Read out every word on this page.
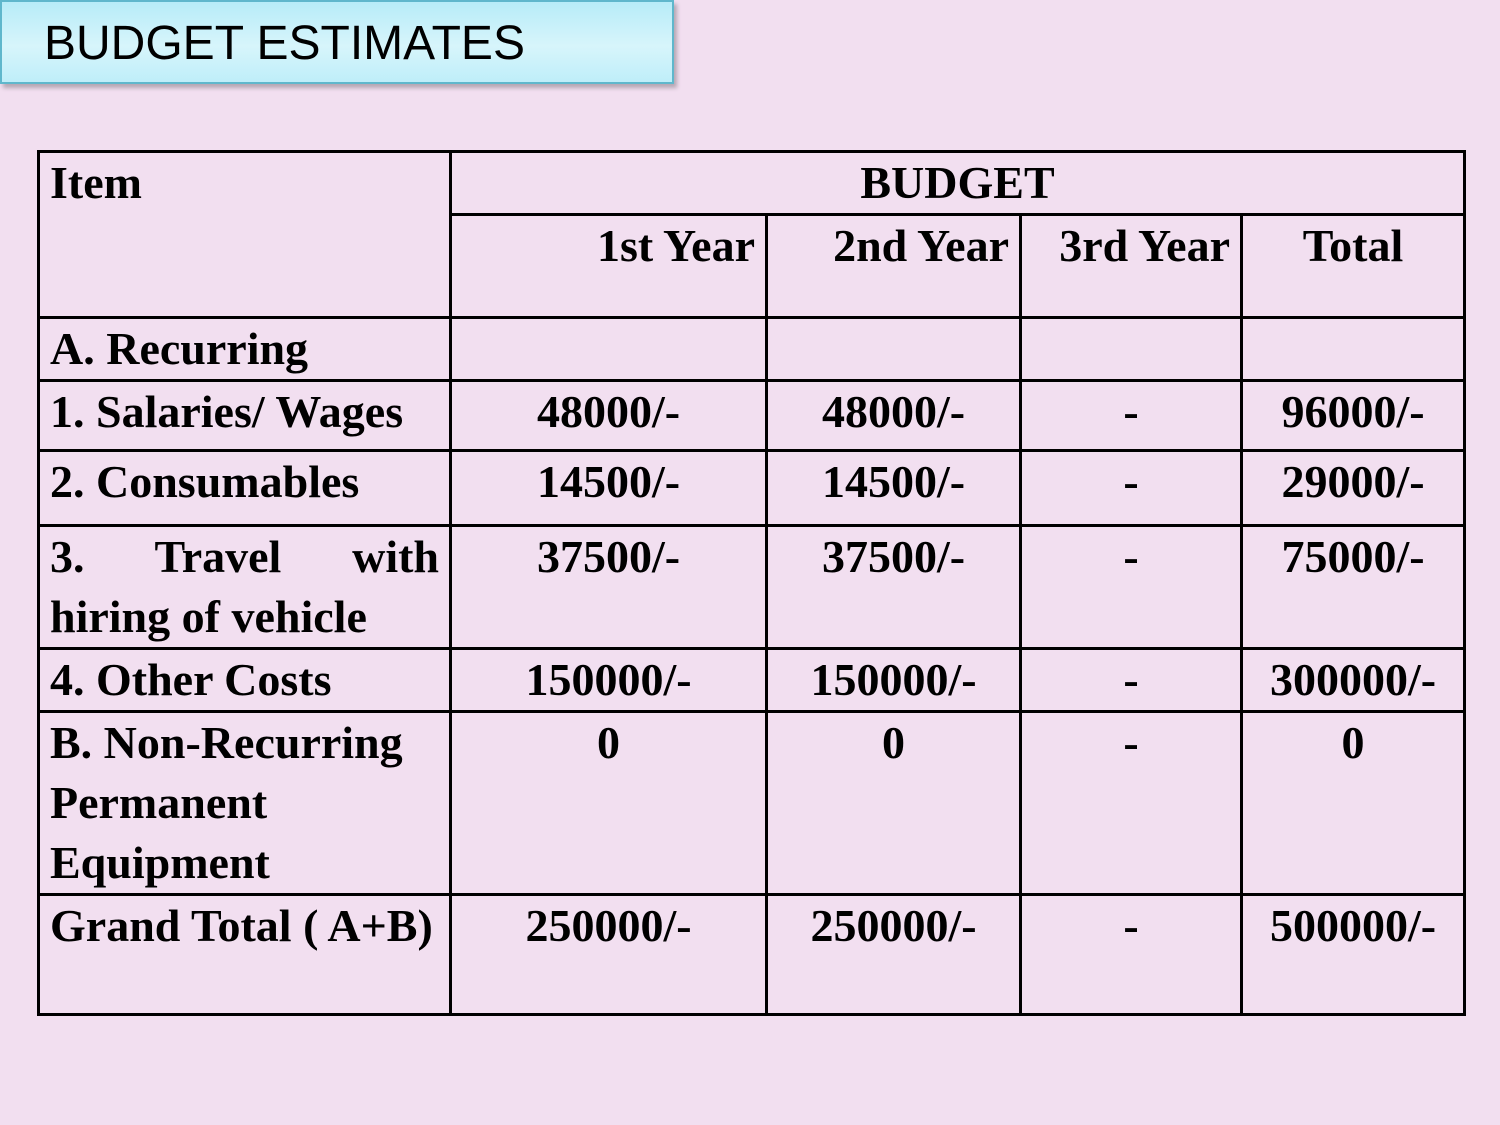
BUDGET ESTIMATES
Item	BUDGET			
	1st Year	2nd Year	3rd Year	Total
A. Recurring				
1. Salaries/ Wages	48000/-	48000/-	-	96000/-
2. Consumables	14500/-	14500/-	-	29000/-
3. Travel with hiring of vehicle	37500/-	37500/-	-	75000/-
4. Other Costs	150000/-	150000/-	-	300000/-
B. Non-Recurring Permanent Equipment	0	0	-	0
Grand Total ( A+B)	250000/-	250000/-	-	500000/-
